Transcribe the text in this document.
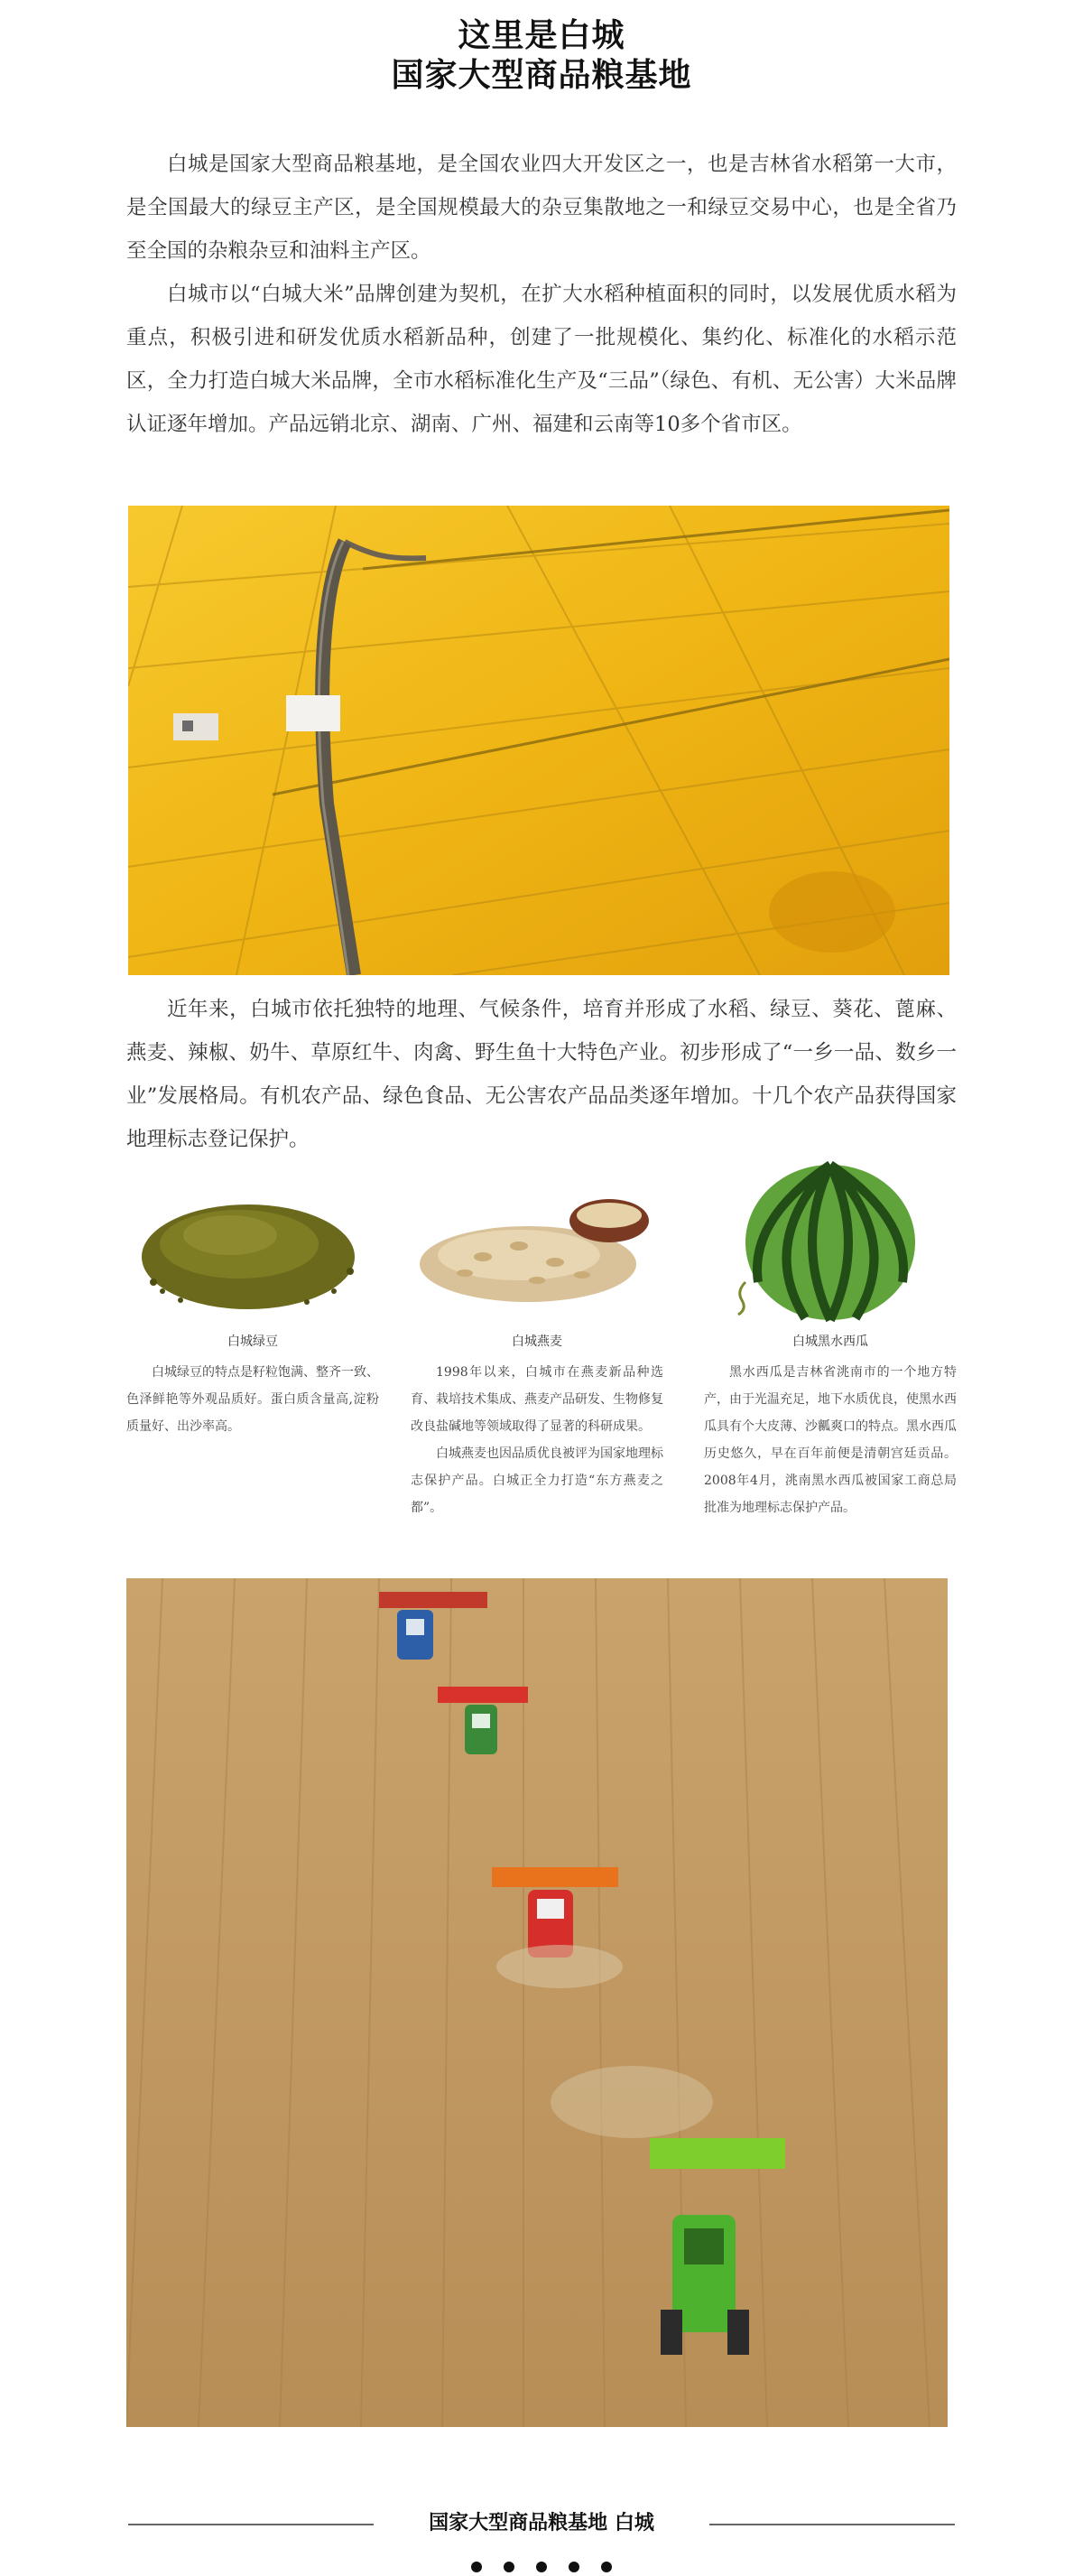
这里是白城
国家大型商品粮基地

白城是国家大型商品粮基地，是全国农业四大开发区之一，也是吉林省水稻第一大市，是全国最大的绿豆主产区，是全国规模最大的杂豆集散地之一和绿豆交易中心，也是全省乃至全国的杂粮杂豆和油料主产区。

白城市以“白城大米”品牌创建为契机，在扩大水稻种植面积的同时，以发展优质水稻为重点，积极引进和研发优质水稻新品种，创建了一批规模化、集约化、标准化的水稻示范区，全力打造白城大米品牌，全市水稻标准化生产及“三品”（绿色、有机、无公害）大米品牌认证逐年增加。产品远销北京、湖南、广州、福建和云南等10多个省市区。

近年来，白城市依托独特的地理、气候条件，培育并形成了水稻、绿豆、葵花、蓖麻、燕麦、辣椒、奶牛、草原红牛、肉禽、野生鱼十大特色产业。初步形成了“一乡一品、数乡一业”发展格局。有机农产品、绿色食品、无公害农产品品类逐年增加。十几个农产品获得国家地理标志登记保护。

白城绿豆

白城绿豆的特点是籽粒饱满、整齐一致、色泽鲜艳等外观品质好。蛋白质含量高,淀粉质量好、出沙率高。

白城燕麦

1998年以来，白城市在燕麦新品种选育、栽培技术集成、燕麦产品研发、生物修复改良盐碱地等领域取得了显著的科研成果。

白城燕麦也因品质优良被评为国家地理标志保护产品。白城正全力打造“东方燕麦之都”。

白城黑水西瓜

黑水西瓜是吉林省洮南市的一个地方特产，由于光温充足，地下水质优良，使黑水西瓜具有个大皮薄、沙瓤爽口的特点。黑水西瓜历史悠久，早在百年前便是清朝宫廷贡品。2008年4月，洮南黑水西瓜被国家工商总局批准为地理标志保护产品。

国家大型商品粮基地 白城
